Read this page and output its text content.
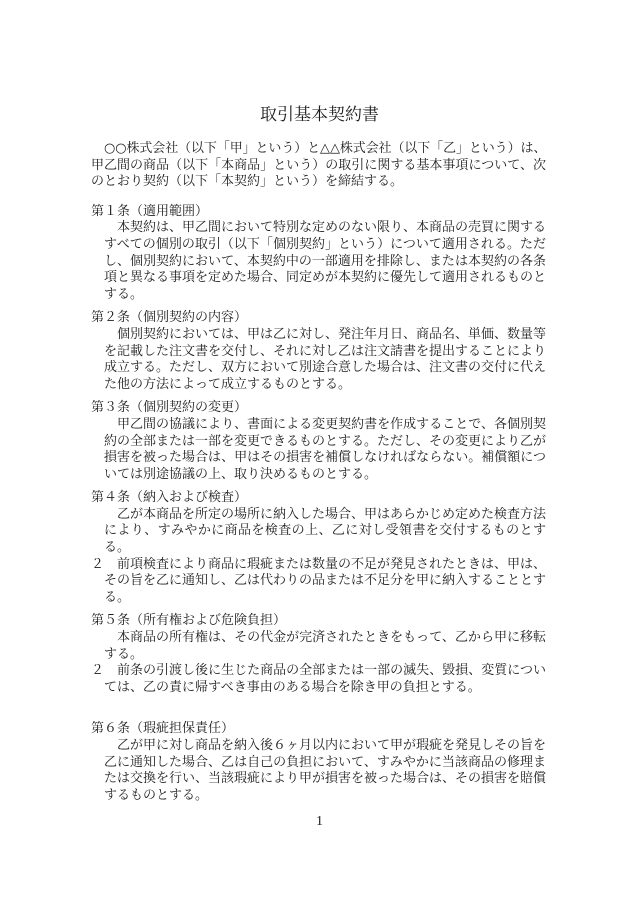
取引基本契約書
○○株式会社（以下「甲」という）と△△株式会社（以下「乙」という）は、
甲乙間の商品（以下「本商品」という）の取引に関する基本事項について、次
のとおり契約（以下「本契約」という）を締結する。
第１条（適用範囲）
本契約は、甲乙間において特別な定めのない限り、本商品の売買に関する
すべての個別の取引（以下「個別契約」という）について適用される。ただ
し、個別契約において、本契約中の一部適用を排除し、または本契約の各条
項と異なる事項を定めた場合、同定めが本契約に優先して適用されるものと
する。
第２条（個別契約の内容）
個別契約においては、甲は乙に対し、発注年月日、商品名、単価、数量等
を記載した注文書を交付し、それに対し乙は注文請書を提出することにより
成立する。ただし、双方において別途合意した場合は、注文書の交付に代え
た他の方法によって成立するものとする。
第３条（個別契約の変更）
甲乙間の協議により、書面による変更契約書を作成することで、各個別契
約の全部または一部を変更できるものとする。ただし、その変更により乙が
損害を被った場合は、甲はその損害を補償しなければならない。補償額につ
いては別途協議の上、取り決めるものとする。
第４条（納入および検査）
乙が本商品を所定の場所に納入した場合、甲はあらかじめ定めた検査方法
により、すみやかに商品を検査の上、乙に対し受領書を交付するものとす
る。
２　前項検査により商品に瑕疵または数量の不足が発見されたときは、甲は、
その旨を乙に通知し、乙は代わりの品または不足分を甲に納入することとす
る。
第５条（所有権および危険負担）
本商品の所有権は、その代金が完済されたときをもって、乙から甲に移転
する。
２　前条の引渡し後に生じた商品の全部または一部の滅失、毀損、変質につい
ては、乙の責に帰すべき事由のある場合を除き甲の負担とする。
第６条（瑕疵担保責任）
乙が甲に対し商品を納入後６ヶ月以内において甲が瑕疵を発見しその旨を
乙に通知した場合、乙は自己の負担において、すみやかに当該商品の修理ま
たは交換を行い、当該瑕疵により甲が損害を被った場合は、その損害を賠償
するものとする。
1
